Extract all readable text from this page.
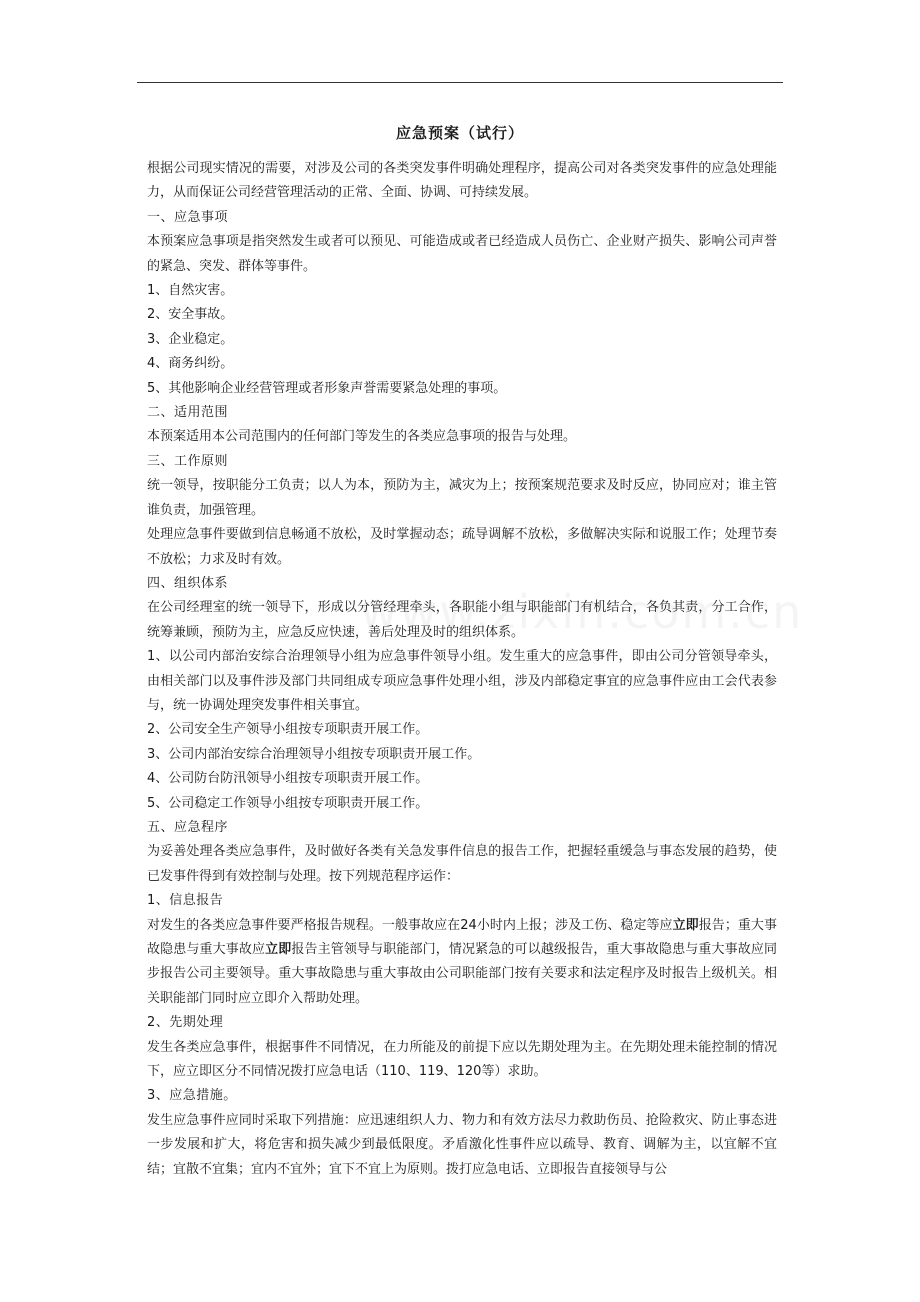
应急预案（试行）

根据公司现实情况的需要，对涉及公司的各类突发事件明确处理程序，提高公司对各类突发事件的应急处理能力，从而保证公司经营管理活动的正常、全面、协调、可持续发展。

一、应急事项

本预案应急事项是指突然发生或者可以预见、可能造成或者已经造成人员伤亡、企业财产损失、影响公司声誉的紧急、突发、群体等事件。

1、自然灾害。

2、安全事故。

3、企业稳定。

4、商务纠纷。

5、其他影响企业经营管理或者形象声誉需要紧急处理的事项。

二、适用范围

本预案适用本公司范围内的任何部门等发生的各类应急事项的报告与处理。

三、工作原则

统一领导，按职能分工负责；以人为本，预防为主，减灾为上；按预案规范要求及时反应，协同应对；谁主管谁负责，加强管理。

处理应急事件要做到信息畅通不放松，及时掌握动态；疏导调解不放松，多做解决实际和说服工作；处理节奏不放松；力求及时有效。

四、组织体系

在公司经理室的统一领导下，形成以分管经理牵头，各职能小组与职能部门有机结合，各负其责，分工合作，统筹兼顾，预防为主，应急反应快速，善后处理及时的组织体系。

1、以公司内部治安综合治理领导小组为应急事件领导小组。发生重大的应急事件，即由公司分管领导牵头，由相关部门以及事件涉及部门共同组成专项应急事件处理小组，涉及内部稳定事宜的应急事件应由工会代表参与，统一协调处理突发事件相关事宜。

2、公司安全生产领导小组按专项职责开展工作。

3、公司内部治安综合治理领导小组按专项职责开展工作。

4、公司防台防汛领导小组按专项职责开展工作。

5、公司稳定工作领导小组按专项职责开展工作。

五、应急程序

为妥善处理各类应急事件，及时做好各类有关急发事件信息的报告工作，把握轻重缓急与事态发展的趋势，使已发事件得到有效控制与处理。按下列规范程序运作：

1、信息报告

对发生的各类应急事件要严格报告规程。一般事故应在24小时内上报；涉及工伤、稳定等应立即报告；重大事故隐患与重大事故应立即报告主管领导与职能部门，情况紧急的可以越级报告，重大事故隐患与重大事故应同步报告公司主要领导。重大事故隐患与重大事故由公司职能部门按有关要求和法定程序及时报告上级机关。相关职能部门同时应立即介入帮助处理。

2、先期处理

发生各类应急事件，根据事件不同情况，在力所能及的前提下应以先期处理为主。在先期处理未能控制的情况下，应立即区分不同情况拨打应急电话（110、119、120等）求助。

3、应急措施。

发生应急事件应同时采取下列措施：应迅速组织人力、物力和有效方法尽力救助伤员、抢险救灾、防止事态进一步发展和扩大，将危害和损失减少到最低限度。矛盾激化性事件应以疏导、教育、调解为主，以宜解不宜结；宜散不宜集；宜内不宜外；宜下不宜上为原则。拨打应急电话、立即报告直接领导与公
